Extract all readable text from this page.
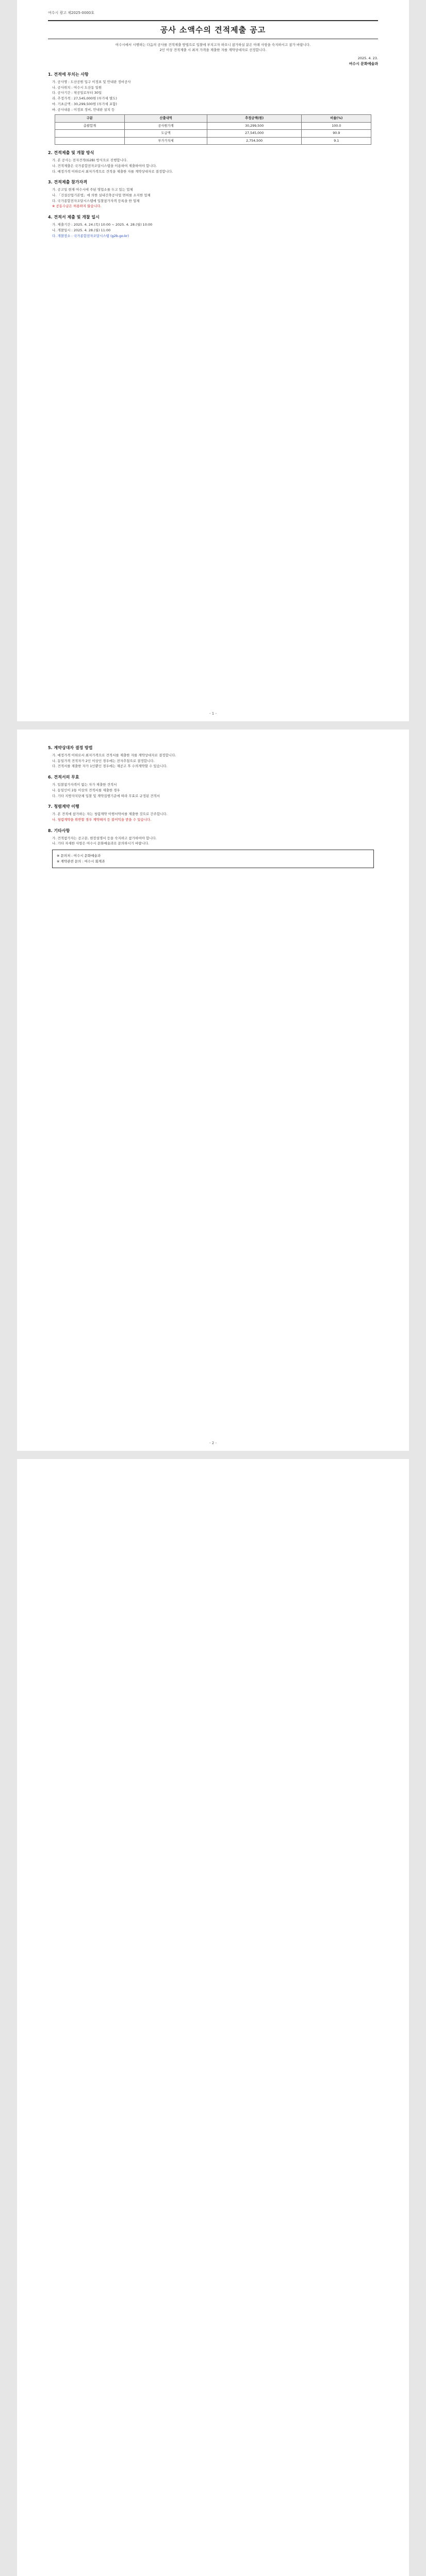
여수시 광고 제2025-0000호
공사 소액수의 견적제출 공고
여수시에서 시행하는 다음의 공사를 견적제출 방법으로 입찰에 부치고자 하오니 참가하실 분은 아래 사항을 숙지하시고 참가 바랍니다.
2인 이상 견적제출 시 최저 가격을 제출한 자를 계약상대자로 선정합니다.
2025. 4. 23.
여수시 문화예술과
1. 견적에 부치는 사항
가. 공사명 : 도산공원 입구 이정표 및 안내판 정비공사
나. 공사위치 : 여수시 도산동 일원
다. 공사기간 : 착공일로부터 30일
라. 추정가격 : 27,545,000원 (부가세 별도)
마. 기초금액 : 30,299,500원 (부가세 포함)
바. 공사내용 : 이정표 정비, 안내판 설치 등
구분	산출내역	추정금액(원)	비율(%)
총괄합계	공사원가계	30,299,500	100.0
	도급액	27,545,000	90.9
	부가가치세	2,754,500	9.1
2. 견적제출 및 개찰 방식
가. 본 공사는 전자견적(G2B) 방식으로 진행합니다.
나. 견적제출은 국가종합전자조달시스템을 이용하여 제출하여야 합니다.
다. 예정가격 이하로서 최저가격으로 견적을 제출한 자를 계약상대자로 결정합니다.
3. 견적제출 참가자격
가. 공고일 현재 여수시에 주된 영업소를 두고 있는 업체
나. 「건설산업기본법」에 의한 실내건축공사업 면허를 소지한 업체
다. 국가종합전자조달시스템에 입찰참가자격 등록을 한 업체
※ 공동수급은 허용하지 않습니다.
4. 견적서 제출 및 개찰 일시
가. 제출기간 : 2025. 4. 24.(목) 10:00 ~ 2025. 4. 28.(월) 10:00
나. 개찰일시 : 2025. 4. 28.(월) 11:00
다. 개찰장소 : 국가종합전자조달시스템 (g2b.go.kr)
- 1 -
5. 계약상대자 결정 방법
가. 예정가격 이하로서 최저가격으로 견적서를 제출한 자를 계약상대자로 결정합니다.
나. 동일가격 견적자가 2인 이상인 경우에는 전자추첨으로 결정합니다.
다. 견적서를 제출한 자가 1인뿐인 경우에는 재공고 후 수의계약할 수 있습니다.
6. 견적서의 무효
가. 입찰참가자격이 없는 자가 제출한 견적서
나. 동일인이 2통 이상의 견적서를 제출한 경우
다. 기타 지방자치단체 입찰 및 계약집행기준에 따라 무효로 규정된 견적서
7. 청렴계약 이행
가. 본 견적에 참가하는 자는 청렴계약 이행서약서를 제출한 것으로 간주합니다.
나. 청렴계약을 위반할 경우 계약해지 등 불이익을 받을 수 있습니다.
8. 기타사항
가. 견적참가자는 공고문, 현장설명서 등을 숙지하고 참가하여야 합니다.
나. 기타 자세한 사항은 여수시 문화예술과로 문의하시기 바랍니다.
※ 문의처 : 여수시 문화예술과
※ 계약관련 문의 : 여수시 회계과
- 2 -
